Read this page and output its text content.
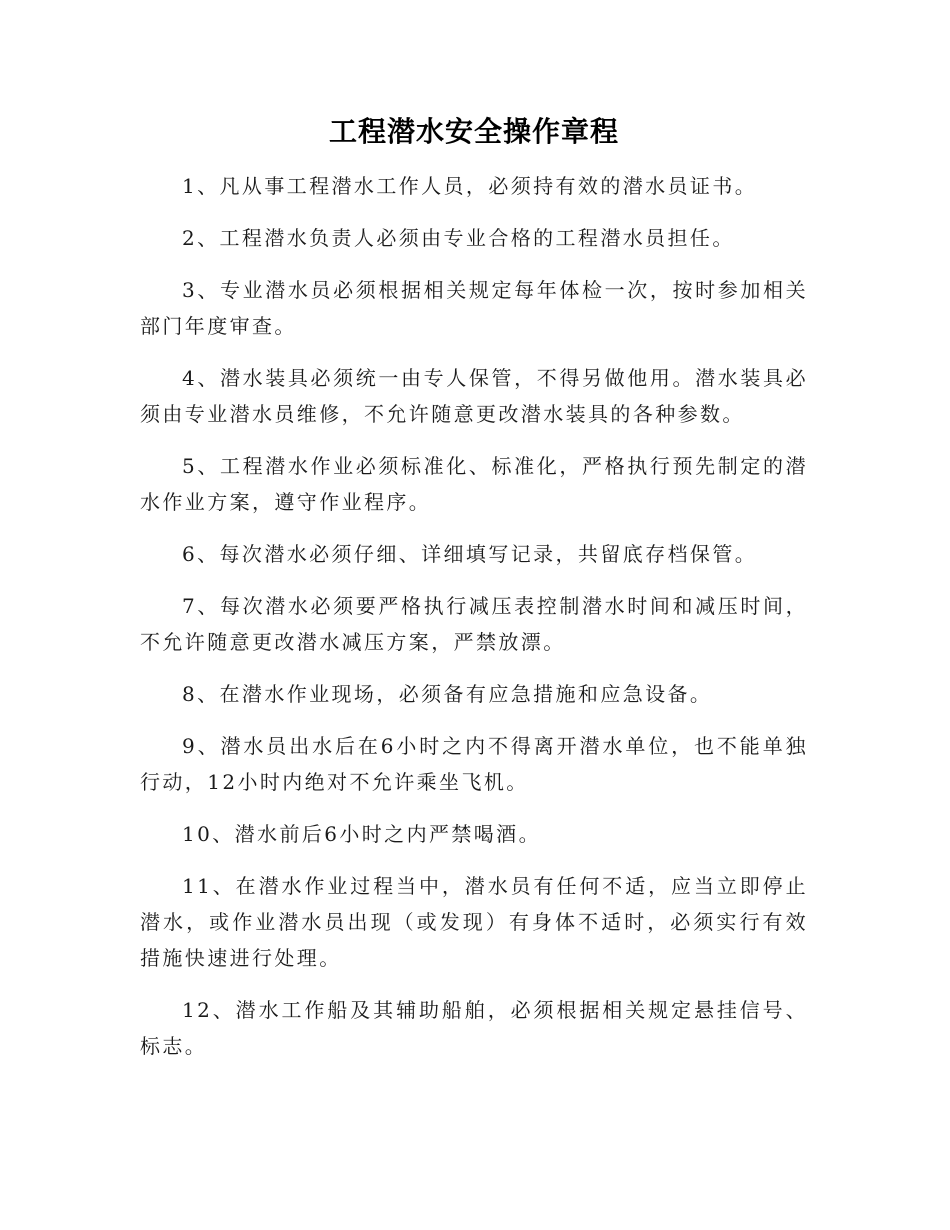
工程潜水安全操作章程

1、凡从事工程潜水工作人员，必须持有效的潜水员证书。

2、工程潜水负责人必须由专业合格的工程潜水员担任。

3、专业潜水员必须根据相关规定每年体检一次，按时参加相关部门年度审查。

4、潜水装具必须统一由专人保管，不得另做他用。潜水装具必须由专业潜水员维修，不允许随意更改潜水装具的各种参数。

5、工程潜水作业必须标准化、标准化，严格执行预先制定的潜水作业方案，遵守作业程序。

6、每次潜水必须仔细、详细填写记录，共留底存档保管。

7、每次潜水必须要严格执行减压表控制潜水时间和减压时间，不允许随意更改潜水减压方案，严禁放漂。

8、在潜水作业现场，必须备有应急措施和应急设备。

9、潜水员出水后在6小时之内不得离开潜水单位，也不能单独行动，12小时内绝对不允许乘坐飞机。

10、潜水前后6小时之内严禁喝酒。

11、在潜水作业过程当中，潜水员有任何不适，应当立即停止潜水，或作业潜水员出现（或发现）有身体不适时，必须实行有效措施快速进行处理。

12、潜水工作船及其辅助船舶，必须根据相关规定悬挂信号、标志。
